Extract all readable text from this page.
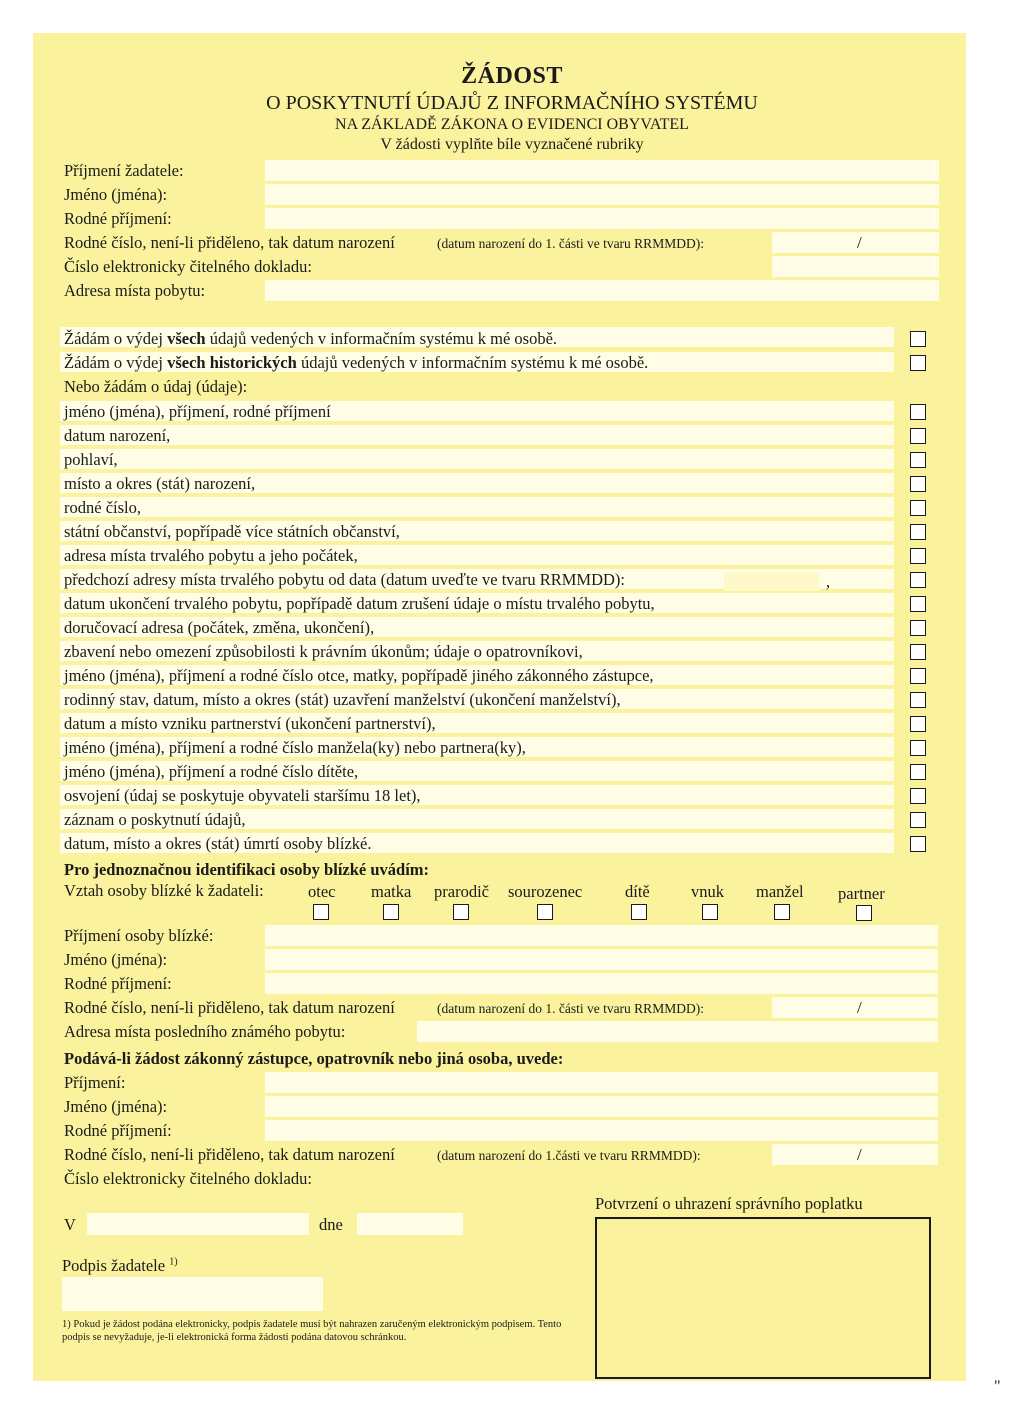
ŽÁDOST
O POSKYTNUTÍ ÚDAJŮ Z INFORMAČNÍHO SYSTÉMU
NA ZÁKLADĚ ZÁKONA O EVIDENCI OBYVATEL
V žádosti vyplňte bíle vyznačené rubriky
Příjmení žadatele:
Jméno (jména):
Rodné příjmení:
Rodné číslo, není-li přiděleno, tak datum narození	(datum narození do 1. části ve tvaru RRMMDD):	/
Číslo elektronicky čitelného dokladu:
Adresa místa pobytu:
Žádám o výdej všech údajů vedených v informačním systému k mé osobě.
Žádám o výdej všech historických údajů vedených v informačním systému k mé osobě.
Nebo žádám o údaj (údaje):
jméno (jména), příjmení, rodné příjmení
datum narození,
pohlaví,
místo a okres (stát) narození,
rodné číslo,
státní občanství, popřípadě více státních občanství,
adresa místa trvalého pobytu a jeho počátek,
předchozí adresy místa trvalého pobytu od data (datum uveďte ve tvaru RRMMDD):	,
datum ukončení trvalého pobytu, popřípadě datum zrušení údaje o místu trvalého pobytu,
doručovací adresa (počátek, změna, ukončení),
zbavení nebo omezení způsobilosti k právním úkonům; údaje o opatrovníkovi,
jméno (jména), příjmení a rodné číslo otce, matky, popřípadě jiného zákonného zástupce,
rodinný stav, datum, místo a okres (stát) uzavření manželství (ukončení manželství),
datum a místo vzniku partnerství (ukončení partnerství),
jméno (jména), příjmení a rodné číslo manžela(ky) nebo partnera(ky),
jméno (jména), příjmení a rodné číslo dítěte,
osvojení (údaj se poskytuje obyvateli staršímu 18 let),
záznam o poskytnutí údajů,
datum, místo a okres (stát) úmrtí osoby blízké.
Pro jednoznačnou identifikaci osoby blízké uvádím:
Vztah osoby blízké k žadateli:	otec matka prarodič sourozenec	dítě	vnuk manžel partner
Příjmení osoby blízké:
Jméno (jména):
Rodné příjmení:
Rodné číslo, není-li přiděleno, tak datum narození	(datum narození do 1. části ve tvaru RRMMDD):	/
Adresa místa posledního známého pobytu:
Podává-li žádost zákonný zástupce, opatrovník nebo jiná osoba, uvede:
Příjmení:
Jméno (jména):
Rodné příjmení:
Rodné číslo, není-li přiděleno, tak datum narození	(datum narození do 1.části ve tvaru RRMMDD):	/
Číslo elektronicky čitelného dokladu:
Potvrzení o uhrazení správního poplatku
V	dne
Podpis žadatele $^{1)}$
1) Pokud je žádost podána elektronicky, podpis žadatele musí být nahrazen zaručeným elektronickým podpisem. Tento podpis se nevyžaduje, je-li elektronická forma žádosti podána datovou schránkou.
"
